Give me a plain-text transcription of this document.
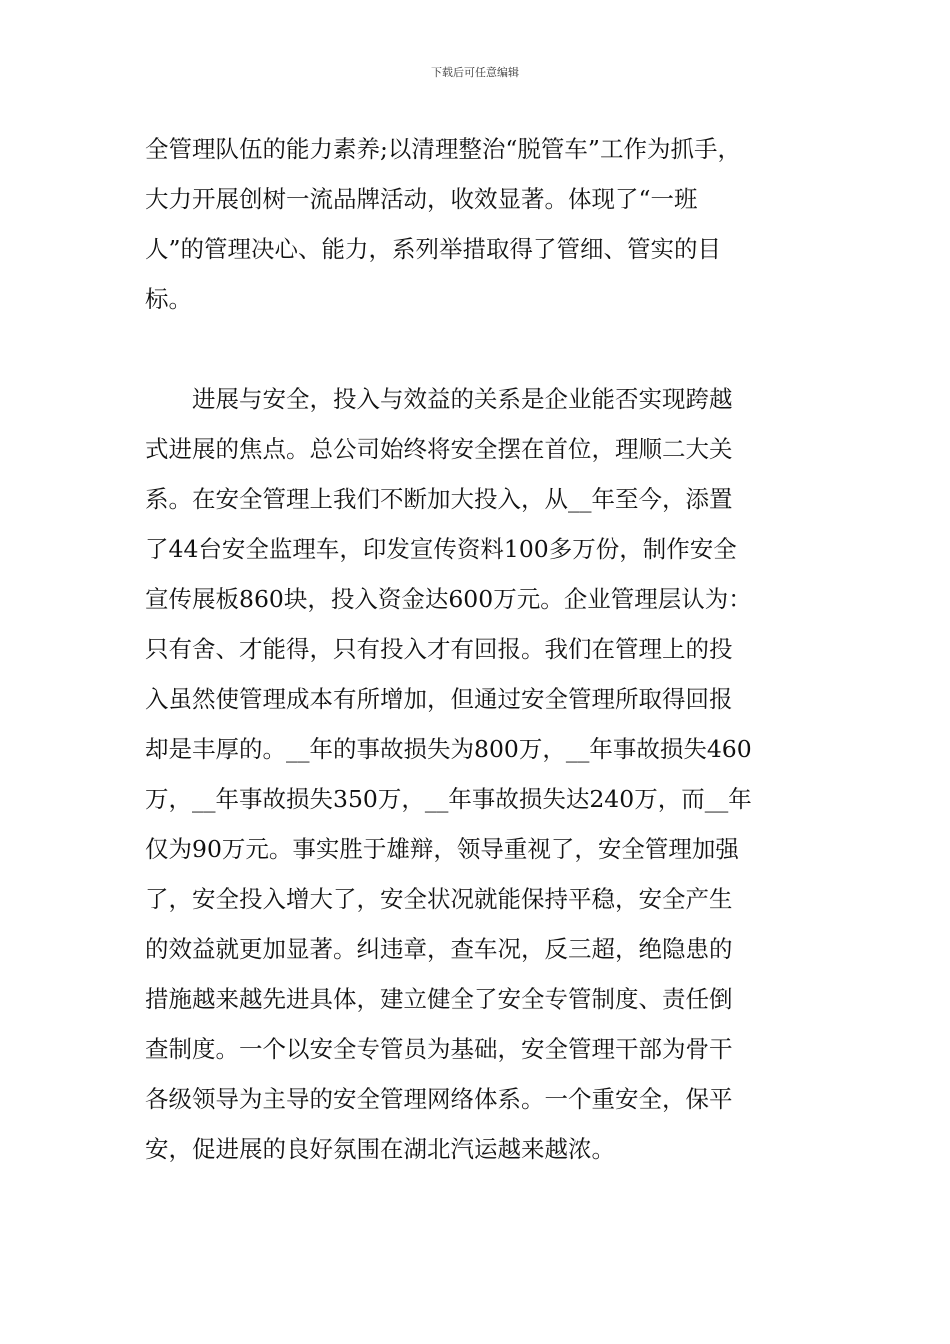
下载后可任意编辑
全管理队伍的能力素养;以清理整治“脱管车”工作为抓手，
大力开展创树一流品牌活动，收效显著。体现了“一班
人”的管理决心、能力，系列举措取得了管细、管实的目
标。
　　进展与安全，投入与效益的关系是企业能否实现跨越
式进展的焦点。总公司始终将安全摆在首位，理顺二大关
系。在安全管理上我们不断加大投入，从__年至今，添置
了44台安全监理车，印发宣传资料100多万份，制作安全
宣传展板860块，投入资金达600万元。企业管理层认为：
只有舍、才能得，只有投入才有回报。我们在管理上的投
入虽然使管理成本有所增加，但通过安全管理所取得回报
却是丰厚的。__年的事故损失为800万，__年事故损失460
万，__年事故损失350万，__年事故损失达240万，而__年
仅为90万元。事实胜于雄辩，领导重视了，安全管理加强
了，安全投入增大了，安全状况就能保持平稳，安全产生
的效益就更加显著。纠违章，查车况，反三超，绝隐患的
措施越来越先进具体，建立健全了安全专管制度、责任倒
查制度。一个以安全专管员为基础，安全管理干部为骨干
各级领导为主导的安全管理网络体系。一个重安全，保平
安，促进展的良好氛围在湖北汽运越来越浓。
